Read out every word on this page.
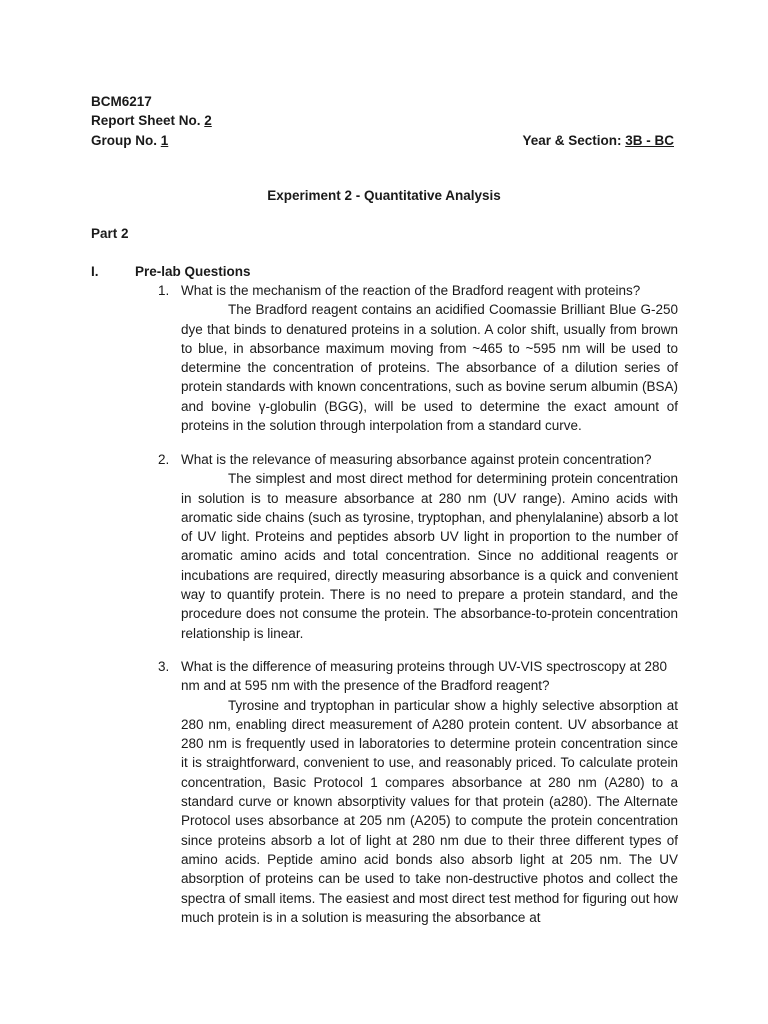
BCM6217
Report Sheet No. 2
Group No. 1	Year & Section: 3B - BC
Experiment 2 - Quantitative Analysis
Part 2
I.	Pre-lab Questions
1. What is the mechanism of the reaction of the Bradford reagent with proteins?
The Bradford reagent contains an acidified Coomassie Brilliant Blue G-250 dye that binds to denatured proteins in a solution. A color shift, usually from brown to blue, in absorbance maximum moving from ~465 to ~595 nm will be used to determine the concentration of proteins. The absorbance of a dilution series of protein standards with known concentrations, such as bovine serum albumin (BSA) and bovine γ-globulin (BGG), will be used to determine the exact amount of proteins in the solution through interpolation from a standard curve.
2. What is the relevance of measuring absorbance against protein concentration?
The simplest and most direct method for determining protein concentration in solution is to measure absorbance at 280 nm (UV range). Amino acids with aromatic side chains (such as tyrosine, tryptophan, and phenylalanine) absorb a lot of UV light. Proteins and peptides absorb UV light in proportion to the number of aromatic amino acids and total concentration. Since no additional reagents or incubations are required, directly measuring absorbance is a quick and convenient way to quantify protein. There is no need to prepare a protein standard, and the procedure does not consume the protein. The absorbance-to-protein concentration relationship is linear.
3. What is the difference of measuring proteins through UV-VIS spectroscopy at 280 nm and at 595 nm with the presence of the Bradford reagent?
Tyrosine and tryptophan in particular show a highly selective absorption at 280 nm, enabling direct measurement of A280 protein content. UV absorbance at 280 nm is frequently used in laboratories to determine protein concentration since it is straightforward, convenient to use, and reasonably priced. To calculate protein concentration, Basic Protocol 1 compares absorbance at 280 nm (A280) to a standard curve or known absorptivity values for that protein (a280). The Alternate Protocol uses absorbance at 205 nm (A205) to compute the protein concentration since proteins absorb a lot of light at 280 nm due to their three different types of amino acids. Peptide amino acid bonds also absorb light at 205 nm. The UV absorption of proteins can be used to take non-destructive photos and collect the spectra of small items. The easiest and most direct test method for figuring out how much protein is in a solution is measuring the absorbance at
